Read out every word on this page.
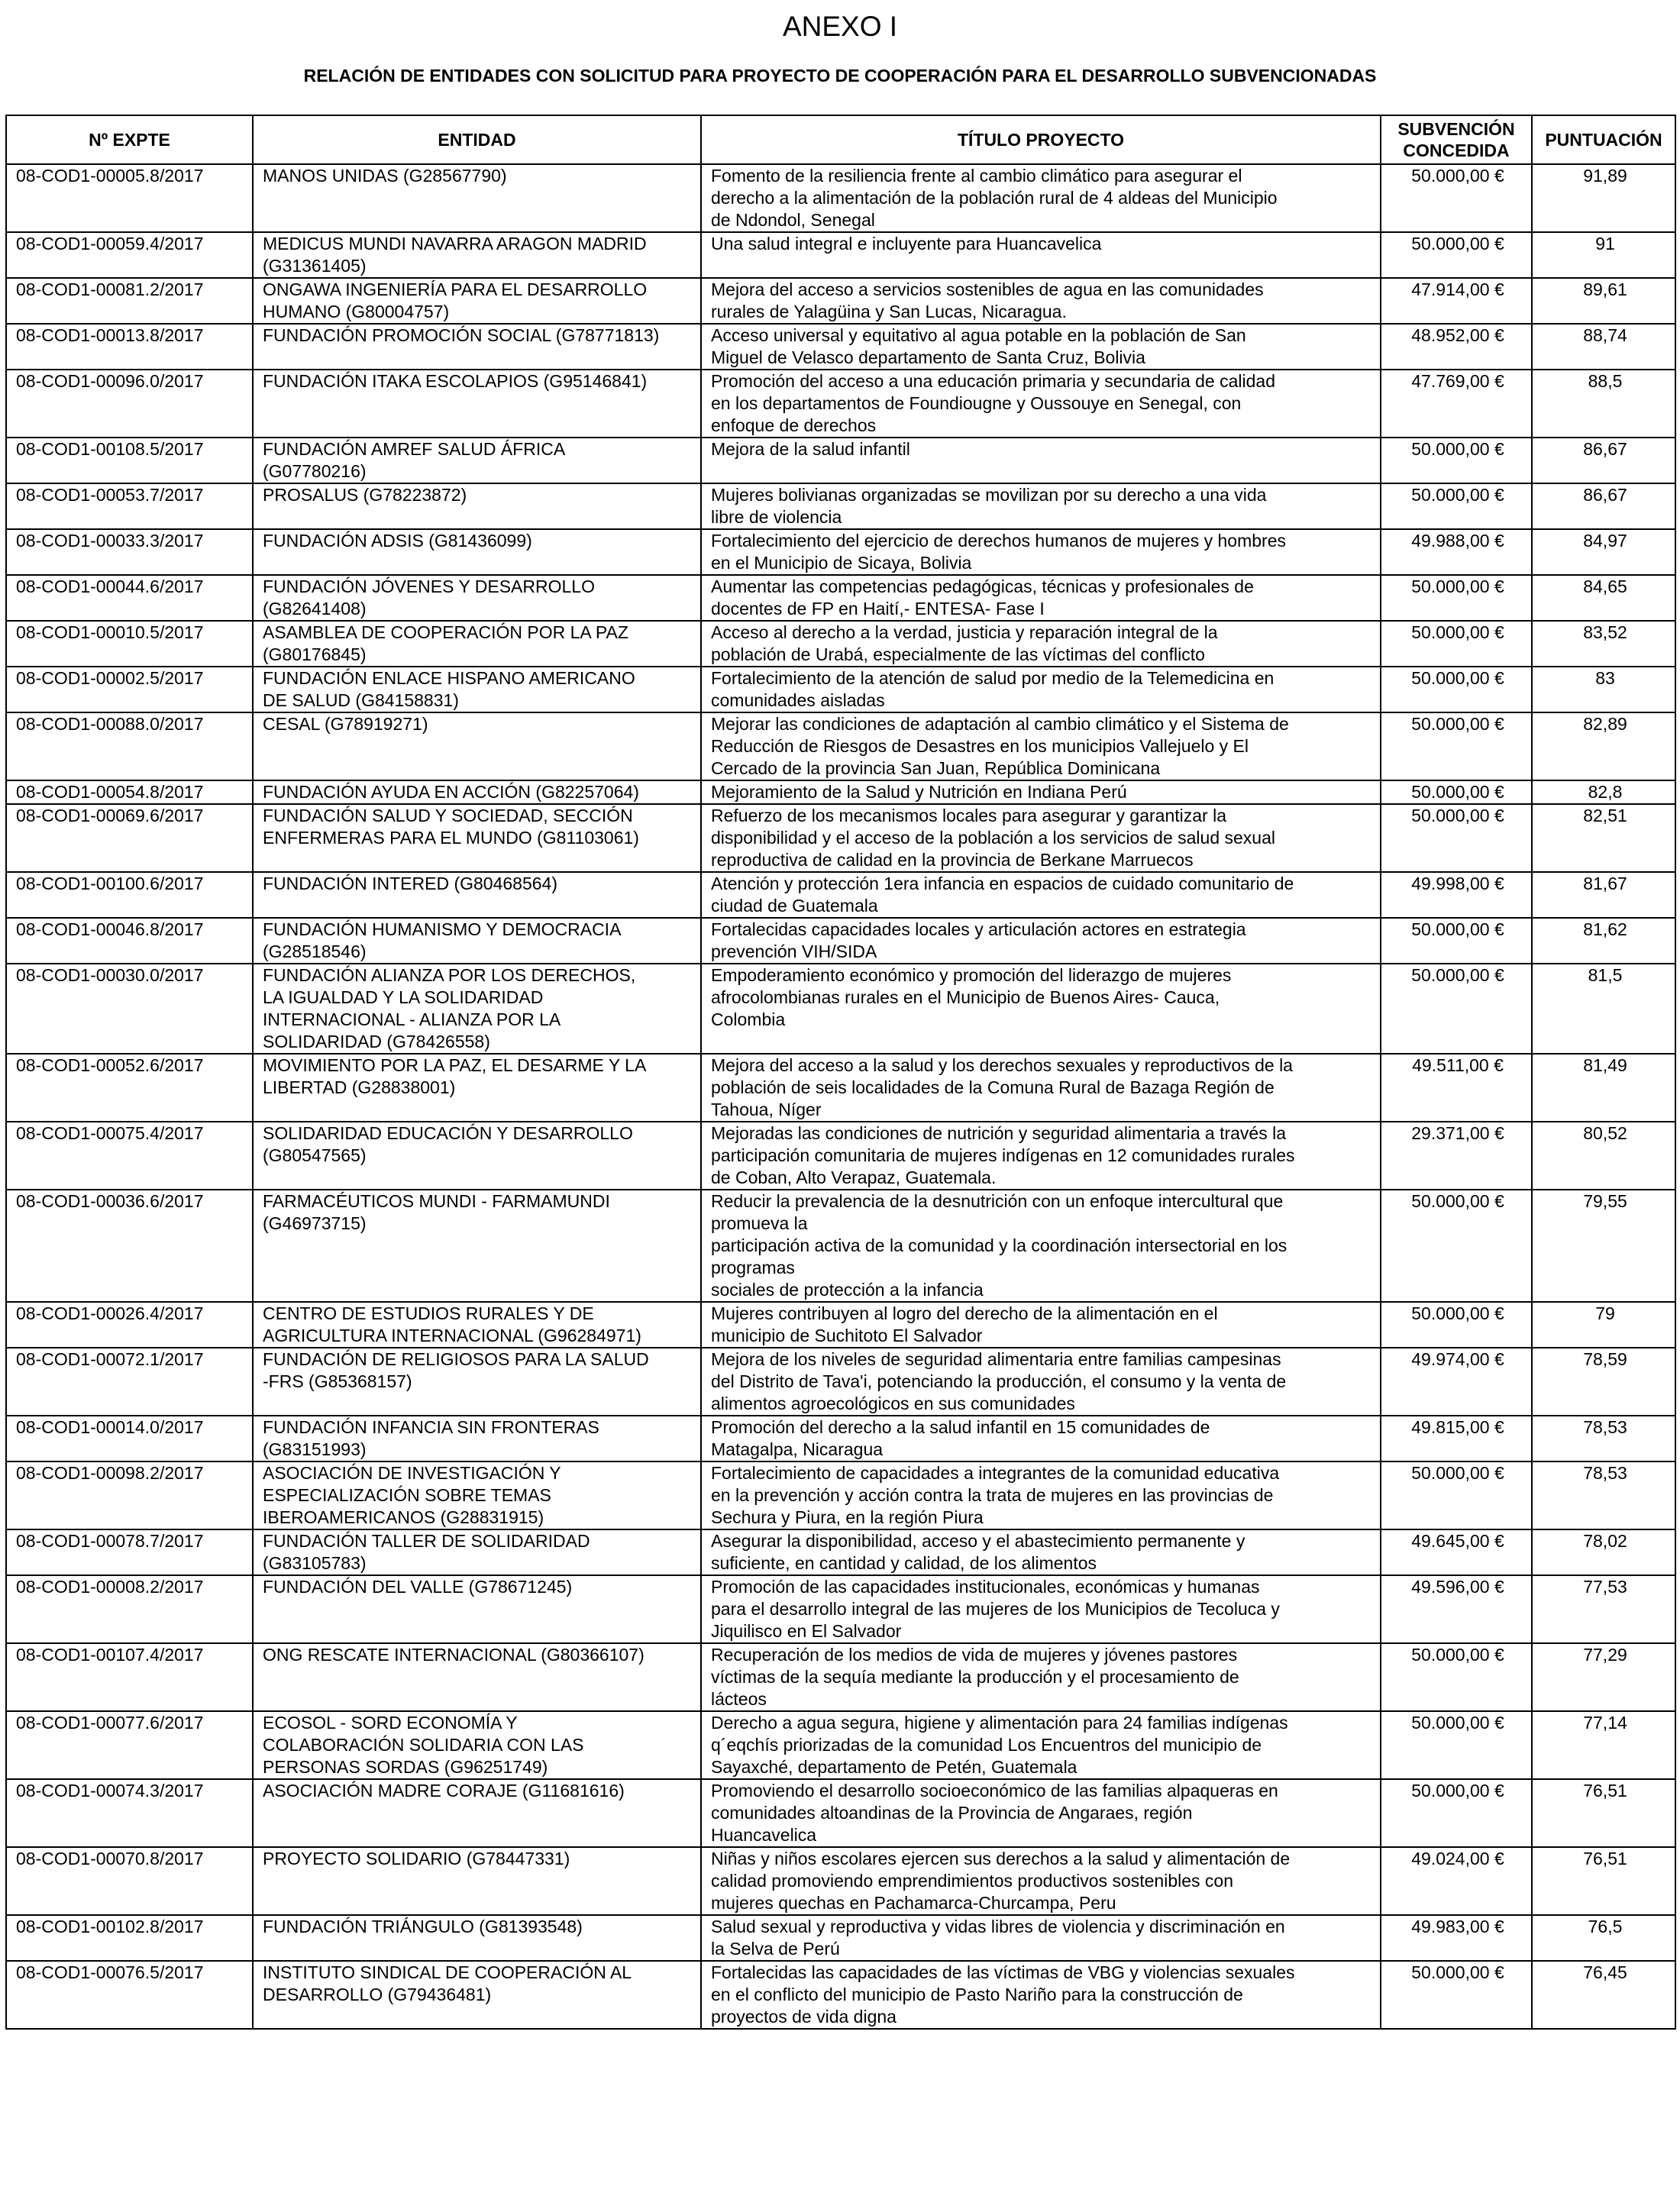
ANEXO I
RELACIÓN DE ENTIDADES CON SOLICITUD PARA PROYECTO DE COOPERACIÓN PARA EL DESARROLLO SUBVENCIONADAS
Nº EXPTE	ENTIDAD	TÍTULO PROYECTO	SUBVENCIÓN
CONCEDIDA	PUNTUACIÓN
08-COD1-00005.8/2017	MANOS UNIDAS (G28567790)	Fomento de la resiliencia frente al cambio climático para asegurar el
derecho a la alimentación de la población rural de 4 aldeas del Municipio
de Ndondol, Senegal	50.000,00 €	91,89
08-COD1-00059.4/2017	MEDICUS MUNDI NAVARRA ARAGON MADRID
(G31361405)	Una salud integral e incluyente para Huancavelica	50.000,00 €	91
08-COD1-00081.2/2017	ONGAWA INGENIERÍA PARA EL DESARROLLO
HUMANO (G80004757)	Mejora del acceso a servicios sostenibles de agua en las comunidades
rurales de Yalagüina y San Lucas, Nicaragua.	47.914,00 €	89,61
08-COD1-00013.8/2017	FUNDACIÓN PROMOCIÓN SOCIAL (G78771813)	Acceso universal y equitativo al agua potable en la población de San
Miguel de Velasco departamento de Santa Cruz, Bolivia	48.952,00 €	88,74
08-COD1-00096.0/2017	FUNDACIÓN ITAKA ESCOLAPIOS (G95146841)	Promoción del acceso a una educación primaria y secundaria de calidad
en los departamentos de Foundiougne y Oussouye en Senegal, con
enfoque de derechos	47.769,00 €	88,5
08-COD1-00108.5/2017	FUNDACIÓN AMREF SALUD ÁFRICA
(G07780216)	Mejora de la salud infantil	50.000,00 €	86,67
08-COD1-00053.7/2017	PROSALUS (G78223872)	Mujeres bolivianas organizadas se movilizan por su derecho a una vida
libre de violencia	50.000,00 €	86,67
08-COD1-00033.3/2017	FUNDACIÓN ADSIS (G81436099)	Fortalecimiento del ejercicio de derechos humanos de mujeres y hombres
en el Municipio de Sicaya, Bolivia	49.988,00 €	84,97
08-COD1-00044.6/2017	FUNDACIÓN JÓVENES Y DESARROLLO
(G82641408)	Aumentar las competencias pedagógicas, técnicas y profesionales de
docentes de FP en Haití,- ENTESA- Fase I	50.000,00 €	84,65
08-COD1-00010.5/2017	ASAMBLEA DE COOPERACIÓN POR LA PAZ
(G80176845)	Acceso al derecho a la verdad, justicia y reparación integral de la
población de Urabá, especialmente de las víctimas del conflicto	50.000,00 €	83,52
08-COD1-00002.5/2017	FUNDACIÓN ENLACE HISPANO AMERICANO
DE SALUD (G84158831)	Fortalecimiento de la atención de salud por medio de la Telemedicina en
comunidades aisladas	50.000,00 €	83
08-COD1-00088.0/2017	CESAL (G78919271)	Mejorar las condiciones de adaptación al cambio climático y el Sistema de
Reducción de Riesgos de Desastres en los municipios Vallejuelo y El
Cercado de la provincia San Juan, República Dominicana	50.000,00 €	82,89
08-COD1-00054.8/2017	FUNDACIÓN AYUDA EN ACCIÓN (G82257064)	Mejoramiento de la Salud y Nutrición en Indiana Perú	50.000,00 €	82,8
08-COD1-00069.6/2017	FUNDACIÓN SALUD Y SOCIEDAD, SECCIÓN
ENFERMERAS PARA EL MUNDO (G81103061)	Refuerzo de los mecanismos locales para asegurar y garantizar la
disponibilidad y el acceso de la población a los servicios de salud sexual
reproductiva de calidad en la provincia de Berkane Marruecos	50.000,00 €	82,51
08-COD1-00100.6/2017	FUNDACIÓN INTERED (G80468564)	Atención y protección 1era infancia en espacios de cuidado comunitario de
ciudad de Guatemala	49.998,00 €	81,67
08-COD1-00046.8/2017	FUNDACIÓN HUMANISMO Y DEMOCRACIA
(G28518546)	Fortalecidas capacidades locales y articulación actores en estrategia
prevención VIH/SIDA	50.000,00 €	81,62
08-COD1-00030.0/2017	FUNDACIÓN ALIANZA POR LOS DERECHOS,
LA IGUALDAD Y LA SOLIDARIDAD
INTERNACIONAL - ALIANZA POR LA
SOLIDARIDAD (G78426558)	Empoderamiento económico y promoción del liderazgo de mujeres
afrocolombianas rurales en el Municipio de Buenos Aires- Cauca,
Colombia	50.000,00 €	81,5
08-COD1-00052.6/2017	MOVIMIENTO POR LA PAZ, EL DESARME Y LA
LIBERTAD (G28838001)	Mejora del acceso a la salud y los derechos sexuales y reproductivos de la
población de seis localidades de la Comuna Rural de Bazaga Región de
Tahoua, Níger	49.511,00 €	81,49
08-COD1-00075.4/2017	SOLIDARIDAD EDUCACIÓN Y DESARROLLO
(G80547565)	Mejoradas las condiciones de nutrición y seguridad alimentaria a través la
participación comunitaria de mujeres indígenas en 12 comunidades rurales
de Coban, Alto Verapaz, Guatemala.	29.371,00 €	80,52
08-COD1-00036.6/2017	FARMACÉUTICOS MUNDI - FARMAMUNDI
(G46973715)	Reducir la prevalencia de la desnutrición con un enfoque intercultural que
promueva la
participación activa de la comunidad y la coordinación intersectorial en los
programas
sociales de protección a la infancia	50.000,00 €	79,55
08-COD1-00026.4/2017	CENTRO DE ESTUDIOS RURALES Y DE
AGRICULTURA INTERNACIONAL (G96284971)	Mujeres contribuyen al logro del derecho de la alimentación en el
municipio de Suchitoto El Salvador	50.000,00 €	79
08-COD1-00072.1/2017	FUNDACIÓN DE RELIGIOSOS PARA LA SALUD
-FRS (G85368157)	Mejora de los niveles de seguridad alimentaria entre familias campesinas
del Distrito de Tava'i, potenciando la producción, el consumo y la venta de
alimentos agroecológicos en sus comunidades	49.974,00 €	78,59
08-COD1-00014.0/2017	FUNDACIÓN INFANCIA SIN FRONTERAS
(G83151993)	Promoción del derecho a la salud infantil en 15 comunidades de
Matagalpa, Nicaragua	49.815,00 €	78,53
08-COD1-00098.2/2017	ASOCIACIÓN DE INVESTIGACIÓN Y
ESPECIALIZACIÓN SOBRE TEMAS
IBEROAMERICANOS (G28831915)	Fortalecimiento de capacidades a integrantes de la comunidad educativa
en la prevención y acción contra la trata de mujeres en las provincias de
Sechura y Piura, en la región Piura	50.000,00 €	78,53
08-COD1-00078.7/2017	FUNDACIÓN TALLER DE SOLIDARIDAD
(G83105783)	Asegurar la disponibilidad, acceso y el abastecimiento permanente y
suficiente, en cantidad y calidad, de los alimentos	49.645,00 €	78,02
08-COD1-00008.2/2017	FUNDACIÓN DEL VALLE (G78671245)	Promoción de las capacidades institucionales, económicas y humanas
para el desarrollo integral de las mujeres de los Municipios de Tecoluca y
Jiquilisco en El Salvador	49.596,00 €	77,53
08-COD1-00107.4/2017	ONG RESCATE INTERNACIONAL (G80366107)	Recuperación de los medios de vida de mujeres y jóvenes pastores
víctimas de la sequía mediante la producción y el procesamiento de
lácteos	50.000,00 €	77,29
08-COD1-00077.6/2017	ECOSOL - SORD ECONOMÍA Y
COLABORACIÓN SOLIDARIA CON LAS
PERSONAS SORDAS (G96251749)	Derecho a agua segura, higiene y alimentación para 24 familias indígenas
q´eqchís priorizadas de la comunidad Los Encuentros del municipio de
Sayaxché, departamento de Petén, Guatemala	50.000,00 €	77,14
08-COD1-00074.3/2017	ASOCIACIÓN MADRE CORAJE (G11681616)	Promoviendo el desarrollo socioeconómico de las familias alpaqueras en
comunidades altoandinas de la Provincia de Angaraes, región
Huancavelica	50.000,00 €	76,51
08-COD1-00070.8/2017	PROYECTO SOLIDARIO (G78447331)	Niñas y niños escolares ejercen sus derechos a la salud y alimentación de
calidad promoviendo emprendimientos productivos sostenibles con
mujeres quechas en Pachamarca-Churcampa, Peru	49.024,00 €	76,51
08-COD1-00102.8/2017	FUNDACIÓN TRIÁNGULO (G81393548)	Salud sexual y reproductiva y vidas libres de violencia y discriminación en
la Selva de Perú	49.983,00 €	76,5
08-COD1-00076.5/2017	INSTITUTO SINDICAL DE COOPERACIÓN AL
DESARROLLO (G79436481)	Fortalecidas las capacidades de las víctimas de VBG y violencias sexuales
en el conflicto del municipio de Pasto Nariño para la construcción de
proyectos de vida digna	50.000,00 €	76,45
